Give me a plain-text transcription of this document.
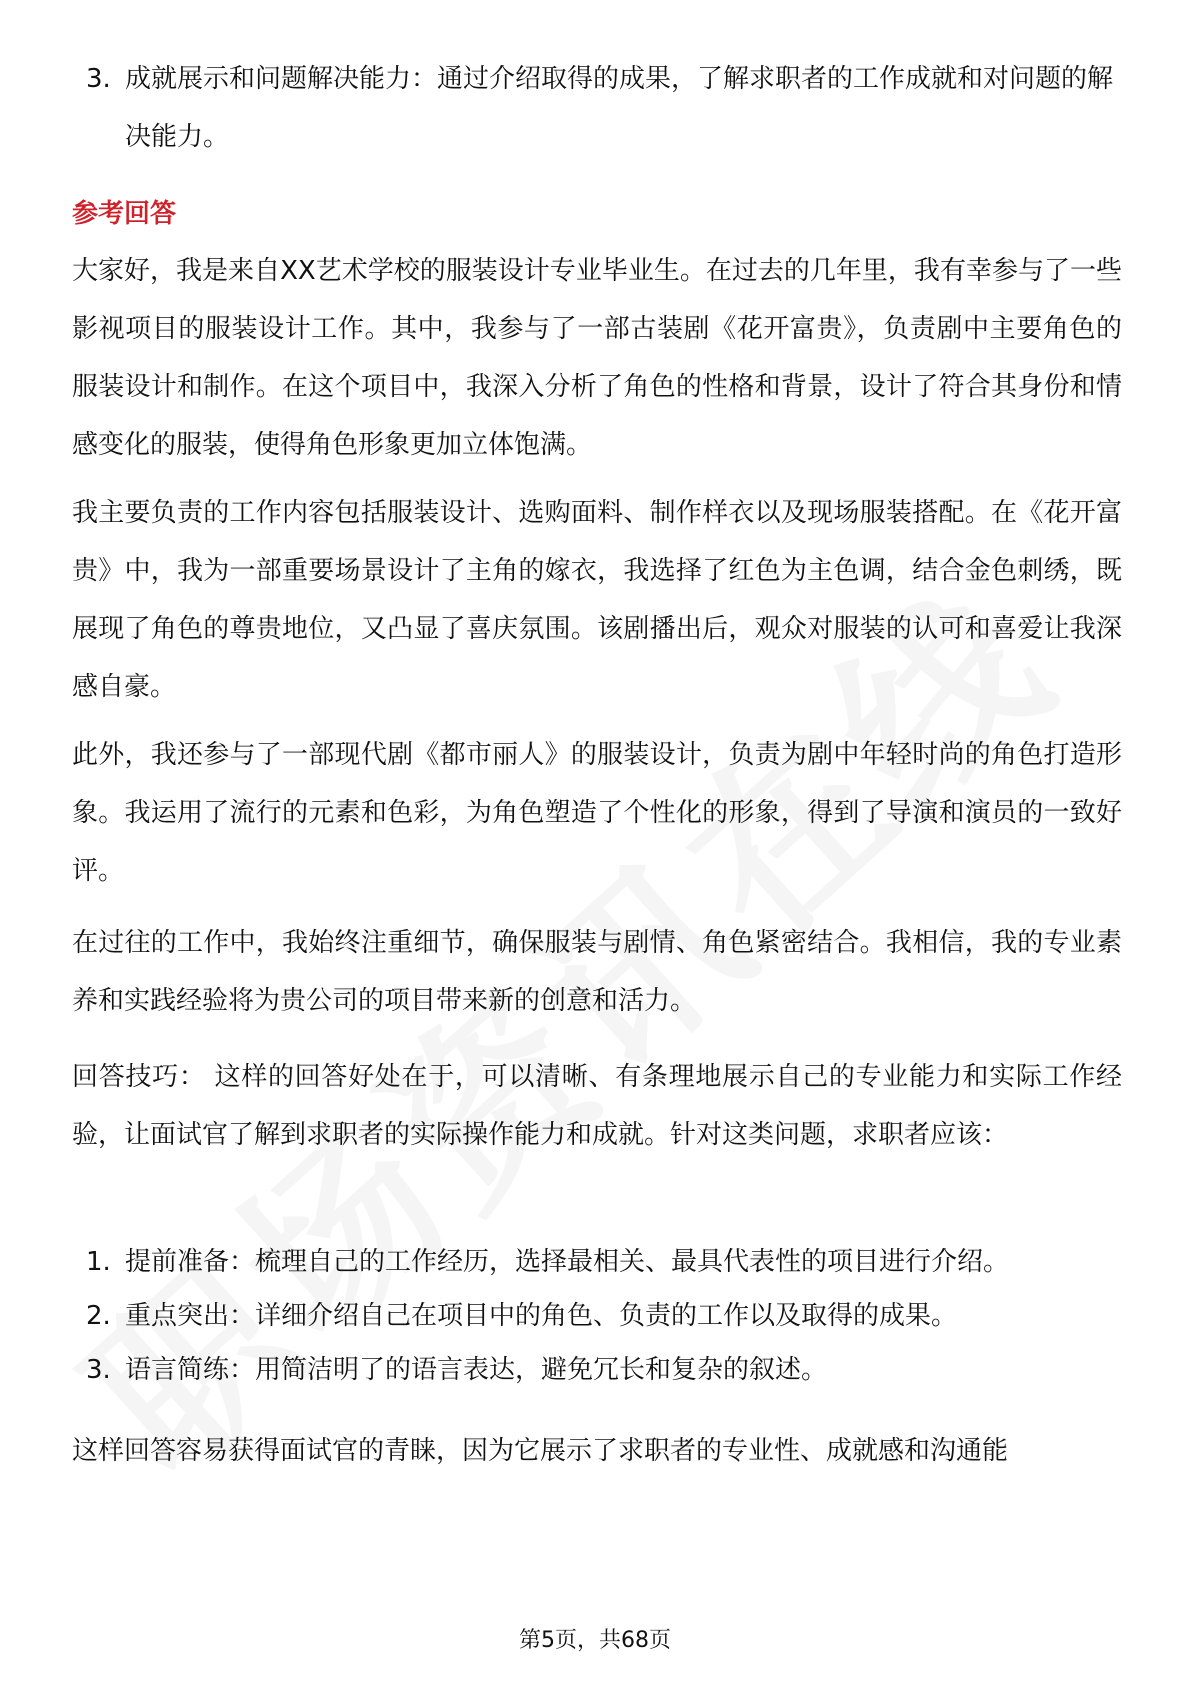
3. 成就展示和问题解决能力：通过介绍取得的成果，了解求职者的工作成就和对问题的解决能力。
参考回答
大家好，我是来自XX艺术学校的服装设计专业毕业生。在过去的几年里，我有幸参与了一些影视项目的服装设计工作。其中，我参与了一部古装剧《花开富贵》，负责剧中主要角色的服装设计和制作。在这个项目中，我深入分析了角色的性格和背景，设计了符合其身份和情感变化的服装，使得角色形象更加立体饱满。
我主要负责的工作内容包括服装设计、选购面料、制作样衣以及现场服装搭配。在《花开富贵》中，我为一部重要场景设计了主角的嫁衣，我选择了红色为主色调，结合金色刺绣，既展现了角色的尊贵地位，又凸显了喜庆氛围。该剧播出后，观众对服装的认可和喜爱让我深感自豪。
此外，我还参与了一部现代剧《都市丽人》的服装设计，负责为剧中年轻时尚的角色打造形象。我运用了流行的元素和色彩，为角色塑造了个性化的形象，得到了导演和演员的一致好评。
在过往的工作中，我始终注重细节，确保服装与剧情、角色紧密结合。我相信，我的专业素养和实践经验将为贵公司的项目带来新的创意和活力。
回答技巧： 这样的回答好处在于，可以清晰、有条理地展示自己的专业能力和实际工作经验，让面试官了解到求职者的实际操作能力和成就。针对这类问题，求职者应该：
1. 提前准备：梳理自己的工作经历，选择最相关、最具代表性的项目进行介绍。
2. 重点突出：详细介绍自己在项目中的角色、负责的工作以及取得的成果。
3. 语言简练：用简洁明了的语言表达，避免冗长和复杂的叙述。
这样回答容易获得面试官的青睐，因为它展示了求职者的专业性、成就感和沟通能
第5页，共68页
